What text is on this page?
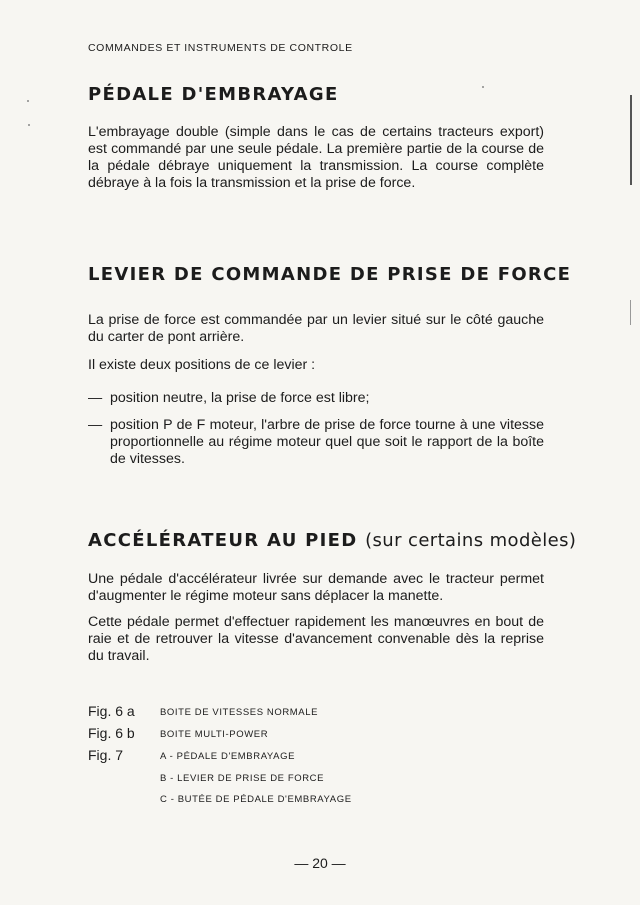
COMMANDES ET INSTRUMENTS DE CONTROLE
PÉDALE D'EMBRAYAGE

L'embrayage double (simple dans le cas de certains tracteurs export) est commandé par une seule pédale. La première partie de la course de la pédale débraye uniquement la transmission. La course complète débraye à la fois la transmission et la prise de force.

LEVIER DE COMMANDE DE PRISE DE FORCE

La prise de force est commandée par un levier situé sur le côté gauche du carter de pont arrière.

Il existe deux positions de ce levier :

— position neutre, la prise de force est libre;

— position P de F moteur, l'arbre de prise de force tourne à une vitesse proportionnelle au régime moteur quel que soit le rapport de la boîte de vitesses.

ACCÉLÉRATEUR AU PIED (sur certains modèles)

Une pédale d'accélérateur livrée sur demande avec le tracteur permet d'augmenter le régime moteur sans déplacer la manette.

Cette pédale permet d'effectuer rapidement les manœuvres en bout de raie et de retrouver la vitesse d'avancement convenable dès la reprise du travail.

Fig. 6 a	BOITE DE VITESSES NORMALE
Fig. 6 b	BOITE MULTI-POWER
Fig. 7	A - PÉDALE D'EMBRAYAGE
B - LEVIER DE PRISE DE FORCE
C - BUTÉE DE PÉDALE D'EMBRAYAGE
— 20 —
